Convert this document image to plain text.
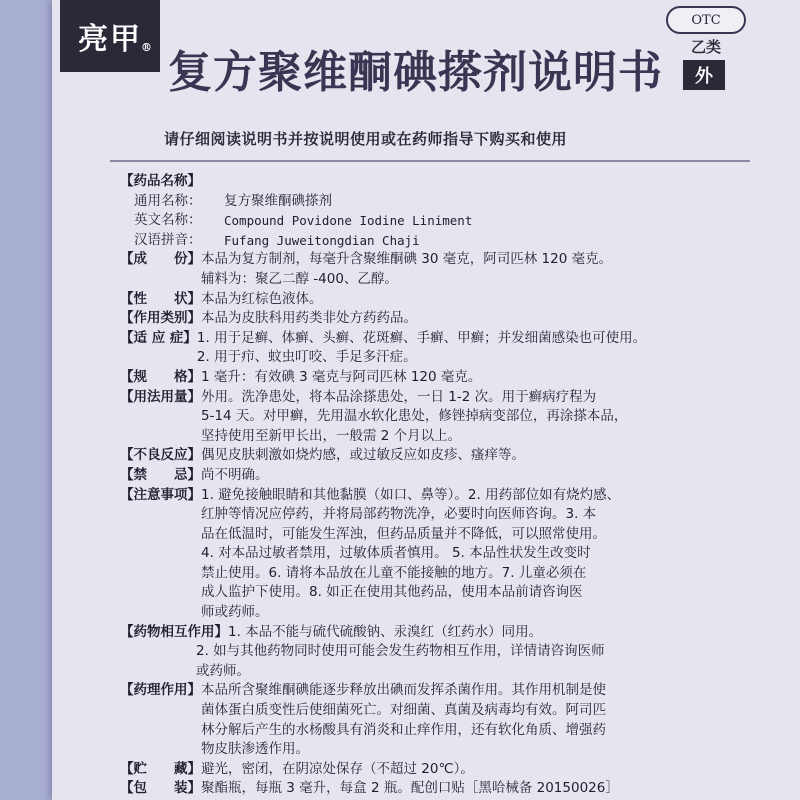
亮甲 ® 复方聚维酮碘搽剂说明书
OTC
乙类
外
请仔细阅读说明书并按说明使用或在药师指导下购买和使用
【药品名称】
通用名称：	复方聚维酮碘搽剂
英文名称：	Compound Povidone Iodine Liniment
汉语拼音：	Fufang Juweitongdian Chaji
【成　　份】 本品为复方制剂，每毫升含聚维酮碘 30 毫克，阿司匹林 120 毫克。
辅料为：聚乙二醇 -400、乙醇。
【性　　状】 本品为红棕色液体。
【作用类别】 本品为皮肤科用药类非处方药药品。
【适 应 症】 1. 用于足癣、体癣、头癣、花斑癣、手癣、甲癣；并发细菌感染也可使用。
2. 用于疖、蚊虫叮咬、手足多汗症。
【规　　格】 1 毫升：有效碘 3 毫克与阿司匹林 120 毫克。
【用法用量】 外用。洗净患处，将本品涂搽患处，一日 1-2 次。用于癣病疗程为
5-14 天。对甲癣，先用温水软化患处，修锉掉病变部位，再涂搽本品，
坚持使用至新甲长出，一般需 2 个月以上。
【不良反应】 偶见皮肤刺激如烧灼感，或过敏反应如皮疹、瘙痒等。
【禁　　忌】 尚不明确。
【注意事项】 1. 避免接触眼睛和其他黏膜（如口、鼻等）。2. 用药部位如有烧灼感、
红肿等情况应停药，并将局部药物洗净，必要时向医师咨询。3. 本
品在低温时，可能发生浑浊，但药品质量并不降低，可以照常使用。
4. 对本品过敏者禁用，过敏体质者慎用。 5. 本品性状发生改变时
禁止使用。6. 请将本品放在儿童不能接触的地方。7. 儿童必须在
成人监护下使用。8. 如正在使用其他药品，使用本品前请咨询医
师或药师。
【药物相互作用】 1. 本品不能与硫代硫酸钠、汞溴红（红药水）同用。
2. 如与其他药物同时使用可能会发生药物相互作用，详情请咨询医师
或药师。
【药理作用】 本品所含聚维酮碘能逐步释放出碘而发挥杀菌作用。其作用机制是使
菌体蛋白质变性后使细菌死亡。对细菌、真菌及病毒均有效。阿司匹
林分解后产生的水杨酸具有消炎和止痒作用，还有软化角质、增强药
物皮肤渗透作用。
【贮　　藏】 避光，密闭，在阴凉处保存（不超过 20℃）。
【包　　装】 聚酯瓶，每瓶 3 毫升，每盒 2 瓶。配创口贴［黑哈械备 20150026］
